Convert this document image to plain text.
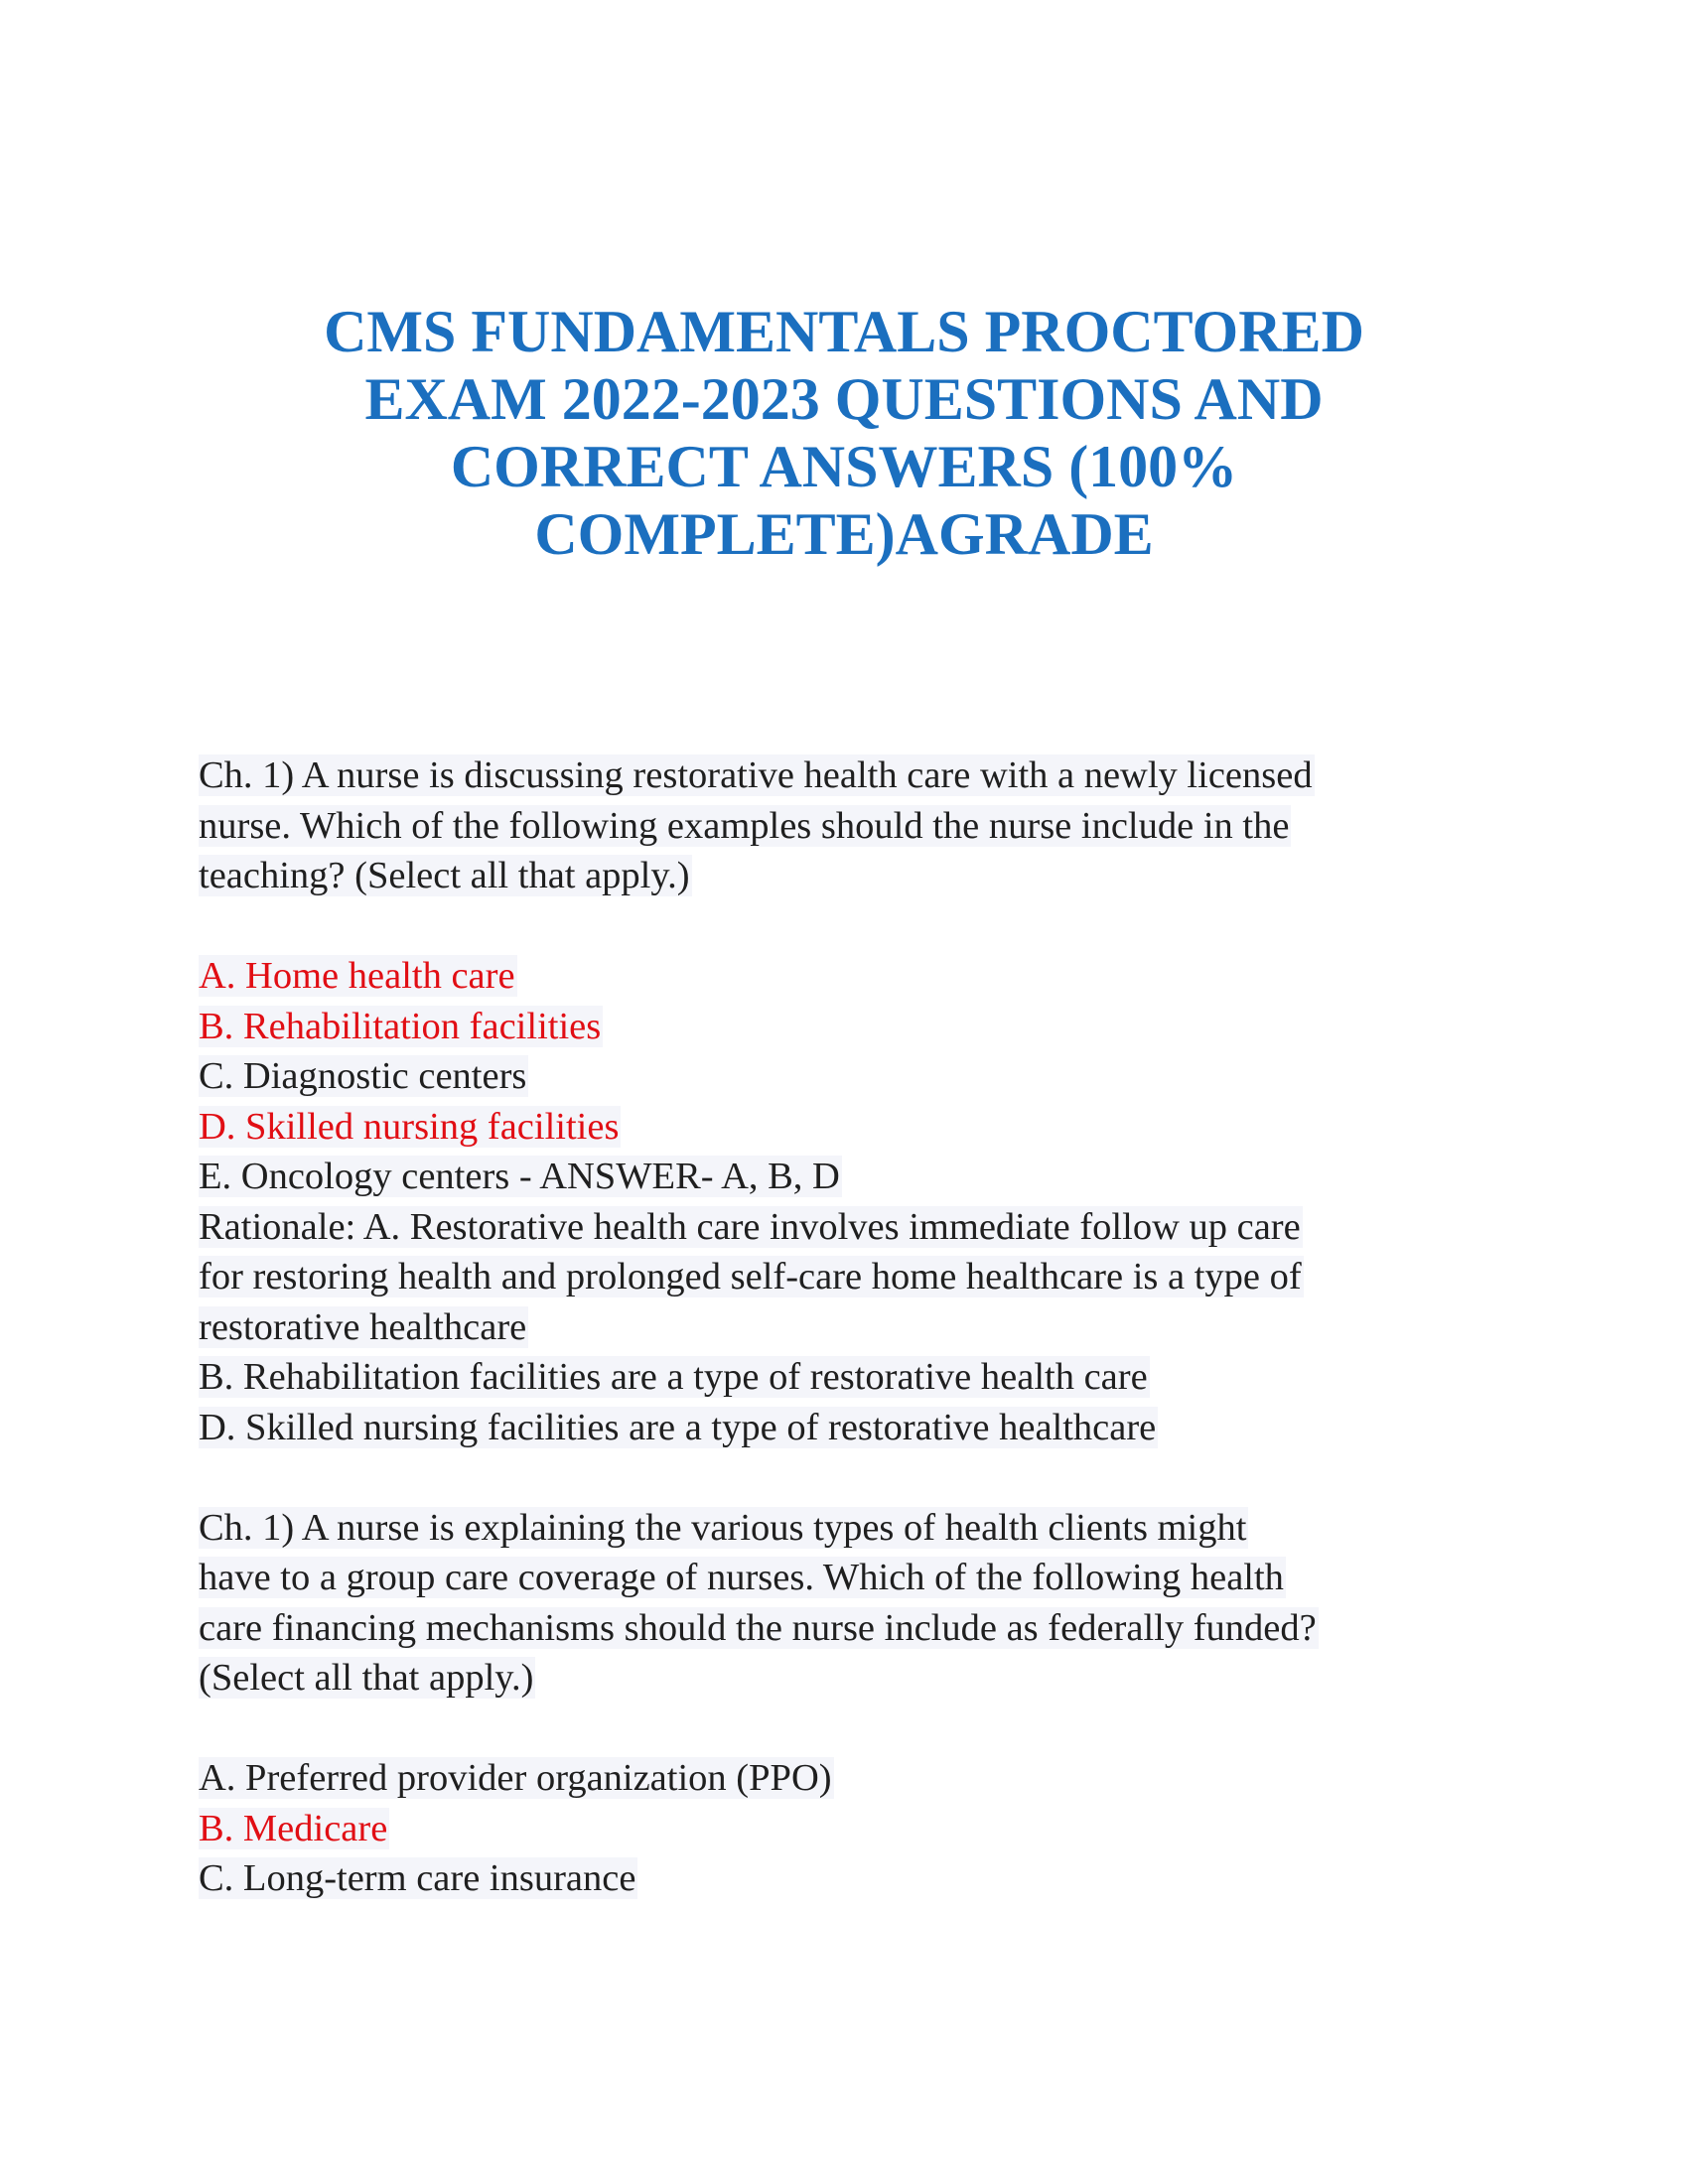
CMS FUNDAMENTALS PROCTORED
EXAM 2022-2023 QUESTIONS AND
CORRECT ANSWERS (100%
COMPLETE)AGRADE
Ch. 1) A nurse is discussing restorative health care with a newly licensed
nurse. Which of the following examples should the nurse include in the
teaching? (Select all that apply.)
A. Home health care
B. Rehabilitation facilities
C. Diagnostic centers
D. Skilled nursing facilities
E. Oncology centers - ANSWER- A, B, D
Rationale: A. Restorative health care involves immediate follow up care
for restoring health and prolonged self-care home healthcare is a type of
restorative healthcare
B. Rehabilitation facilities are a type of restorative health care
D. Skilled nursing facilities are a type of restorative healthcare
Ch. 1) A nurse is explaining the various types of health clients might
have to a group care coverage of nurses. Which of the following health
care financing mechanisms should the nurse include as federally funded?
(Select all that apply.)
A. Preferred provider organization (PPO)
B. Medicare
C. Long-term care insurance
